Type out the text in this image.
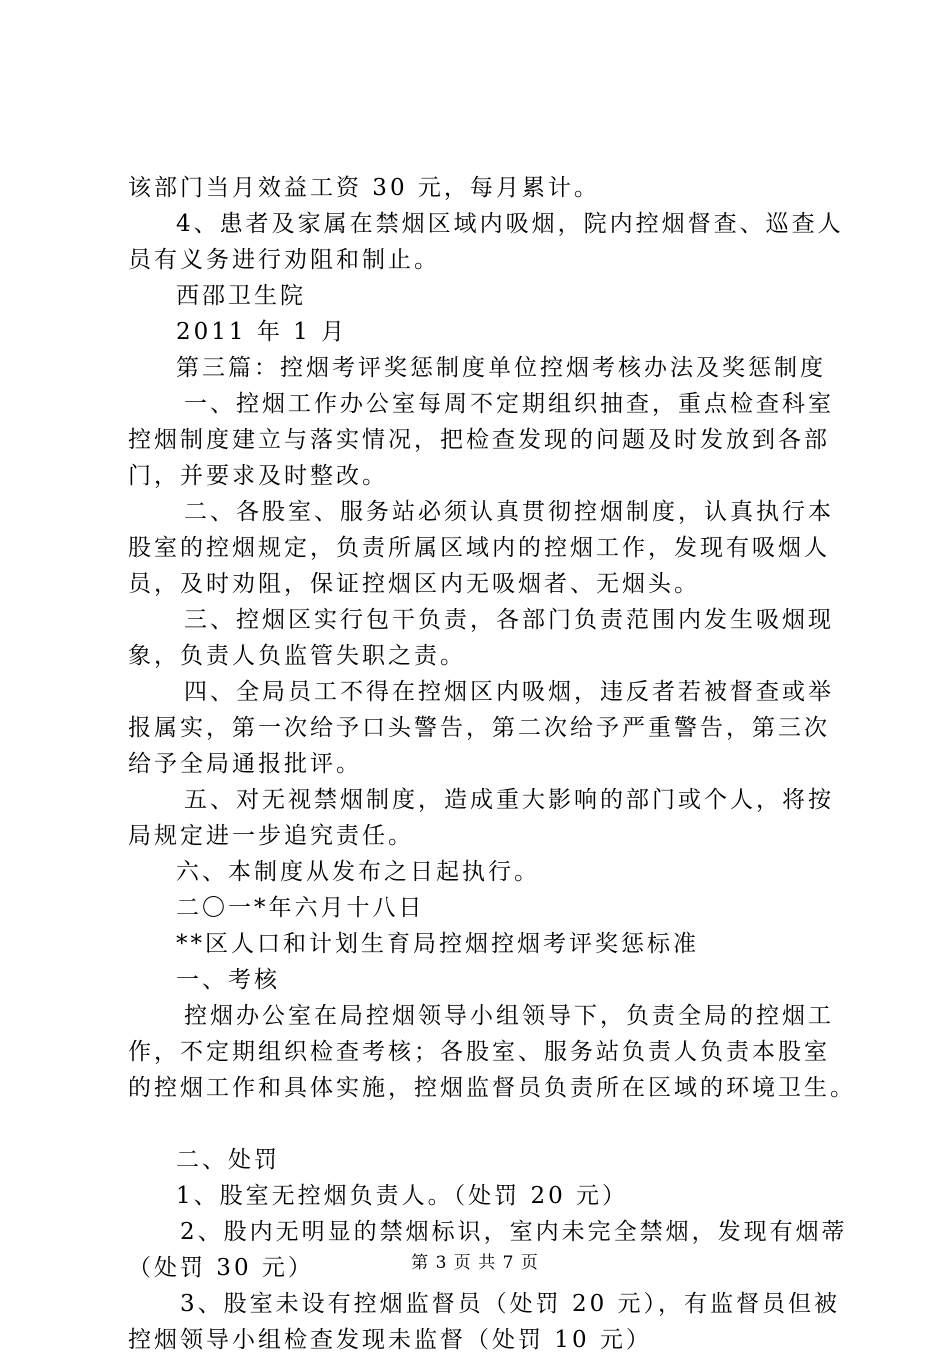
该部门当月效益工资 30 元，每月累计。

4、患者及家属在禁烟区域内吸烟，院内控烟督查、巡查人

员有义务进行劝阻和制止。

西邵卫生院

2011 年 1 月

第三篇：控烟考评奖惩制度单位控烟考核办法及奖惩制度

一、控烟工作办公室每周不定期组织抽查，重点检查科室

控烟制度建立与落实情况，把检查发现的问题及时发放到各部

门，并要求及时整改。

二、各股室、服务站必须认真贯彻控烟制度，认真执行本

股室的控烟规定，负责所属区域内的控烟工作，发现有吸烟人

员，及时劝阻，保证控烟区内无吸烟者、无烟头。

三、控烟区实行包干负责，各部门负责范围内发生吸烟现

象，负责人负监管失职之责。

四、全局员工不得在控烟区内吸烟，违反者若被督查或举

报属实，第一次给予口头警告，第二次给予严重警告，第三次

给予全局通报批评。

五、对无视禁烟制度，造成重大影响的部门或个人，将按

局规定进一步追究责任。

六、本制度从发布之日起执行。

二〇一*年六月十八日

**区人口和计划生育局控烟控烟考评奖惩标准

一、考核

控烟办公室在局控烟领导小组领导下，负责全局的控烟工

作，不定期组织检查考核；各股室、服务站负责人负责本股室

的控烟工作和具体实施，控烟监督员负责所在区域的环境卫生。

二、处罚

1、股室无控烟负责人。（处罚 20 元）

2、股内无明显的禁烟标识，室内未完全禁烟，发现有烟蒂

（处罚 30 元）

3、股室未设有控烟监督员（处罚 20 元），有监督员但被

控烟领导小组检查发现未监督（处罚 10 元）

第 3 页 共 7 页
